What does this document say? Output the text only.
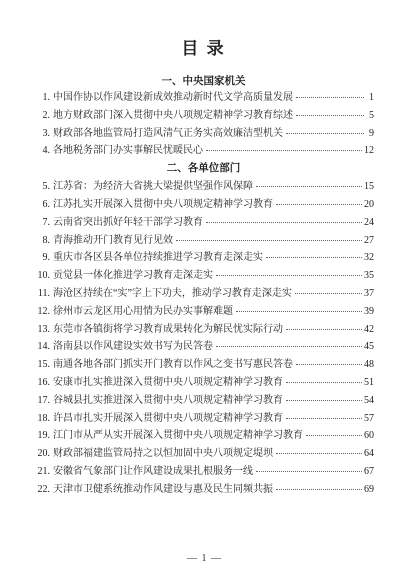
目 录
一、中央国家机关
1. 中国作协以作风建设新成效推动新时代文学高质量发展	1
2. 地方财政部门深入贯彻中央八项规定精神学习教育综述	5
3. 财政部各地监管局打造风清气正务实高效廉洁型机关	9
4. 各地税务部门办实事解民忧暖民心	12
二、各单位部门
5. 江苏省：为经济大省挑大梁提供坚强作风保障	15
6. 江苏扎实开展深入贯彻中央八项规定精神学习教育	20
7. 云南省突出抓好年轻干部学习教育	24
8. 青海推动开门教育见行见效	27
9. 重庆市各区县各单位持续推进学习教育走深走实	32
10. 贡觉县一体化推进学习教育走深走实	35
11. 海沧区持续在“实”字上下功夫，推动学习教育走深走实	37
12. 徐州市云龙区用心用情为民办实事解难题	39
13. 东莞市各镇街将学习教育成果转化为解民忧实际行动	42
14. 洛南县以作风建设实效书写为民答卷	45
15. 南通各地各部门抓实开门教育以作风之变书写惠民答卷	48
16. 安康市扎实推进深入贯彻中央八项规定精神学习教育	51
17. 谷城县扎实推进深入贯彻中央八项规定精神学习教育	54
18. 许昌市扎实开展深入贯彻中央八项规定精神学习教育	57
19. 江门市从严从实开展深入贯彻中央八项规定精神学习教育	60
20. 财政部福建监管局持之以恒加固中央八项规定堤坝	64
21. 安徽省气象部门让作风建设成果扎根服务一线	67
22. 天津市卫健系统推动作风建设与惠及民生同频共振	69
— 1 —
